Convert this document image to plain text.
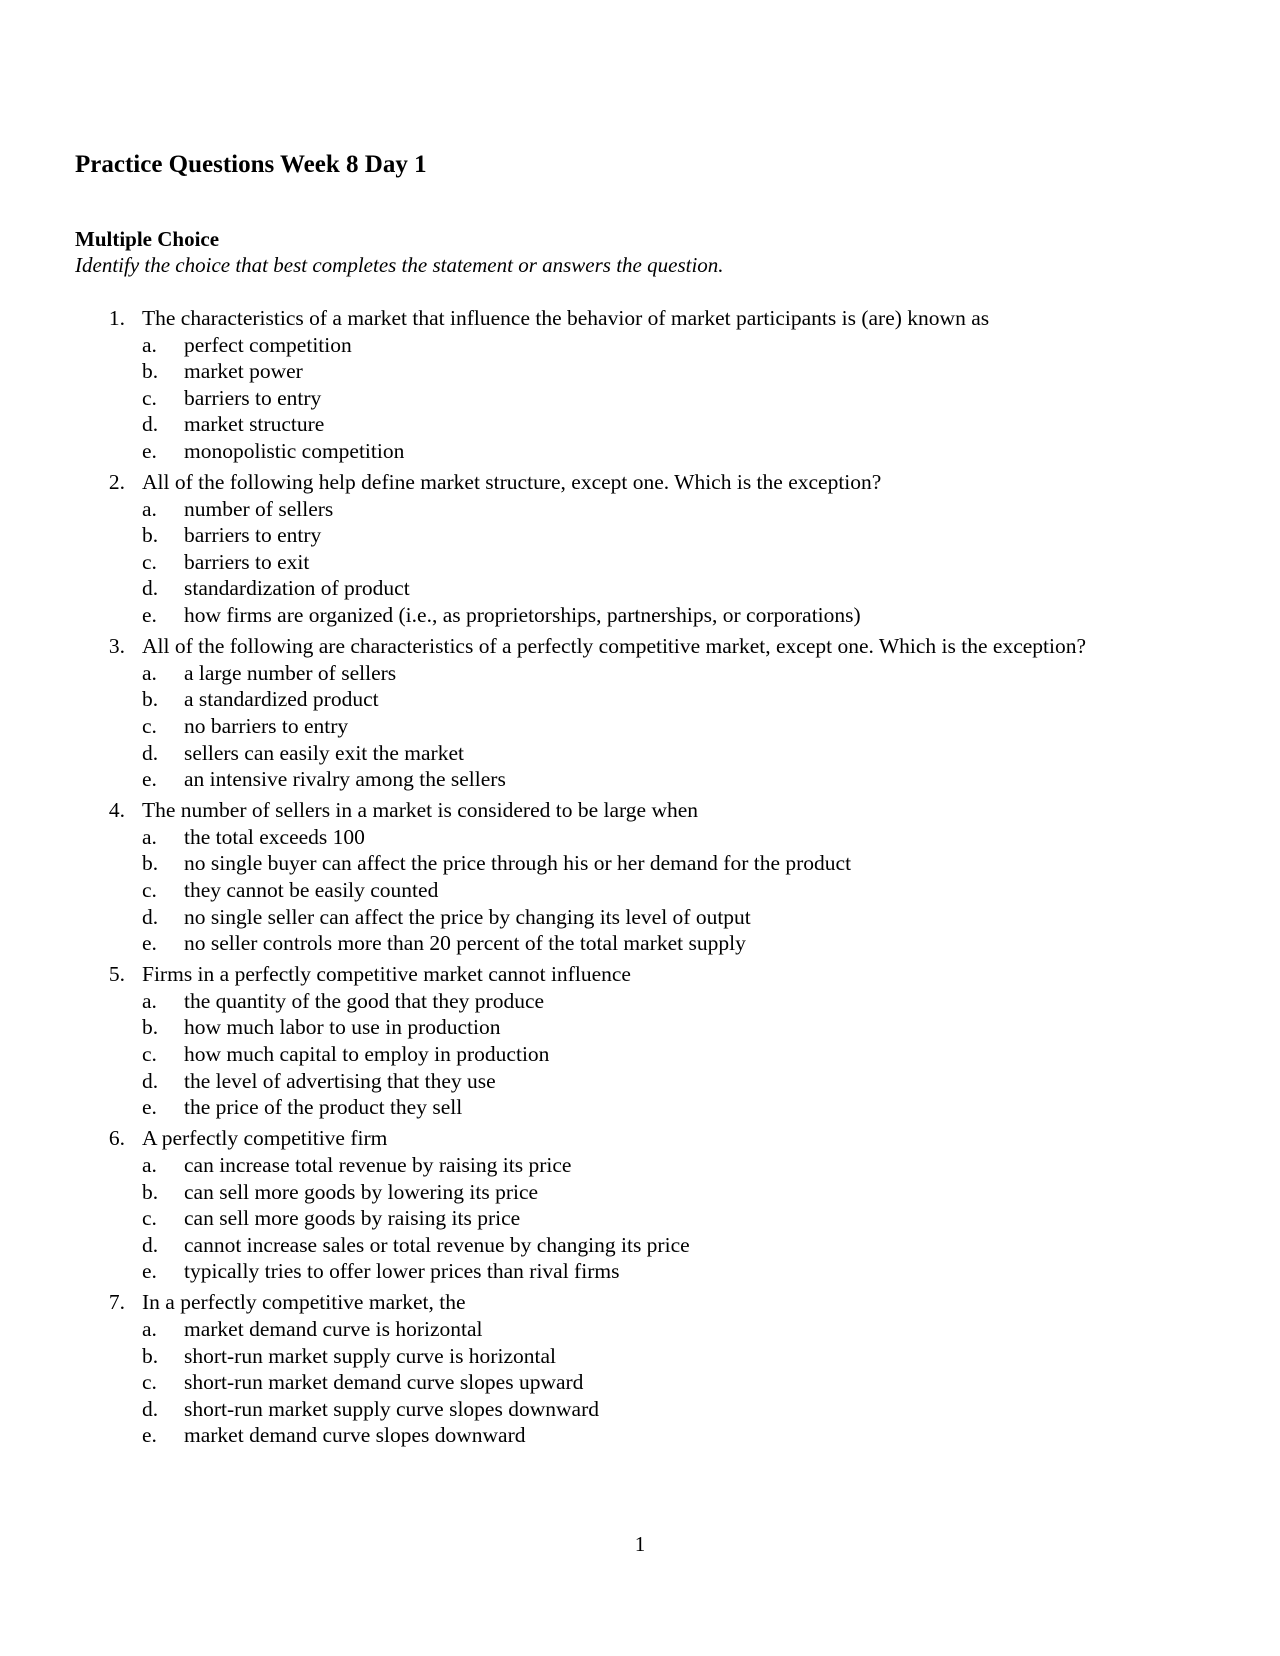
Practice Questions Week 8 Day 1
Multiple Choice
Identify the choice that best completes the statement or answers the question.
1. The characteristics of a market that influence the behavior of market participants is (are) known as
a. perfect competition
b. market power
c. barriers to entry
d. market structure
e. monopolistic competition
2. All of the following help define market structure, except one. Which is the exception?
a. number of sellers
b. barriers to entry
c. barriers to exit
d. standardization of product
e. how firms are organized (i.e., as proprietorships, partnerships, or corporations)
3. All of the following are characteristics of a perfectly competitive market, except one. Which is the exception?
a. a large number of sellers
b. a standardized product
c. no barriers to entry
d. sellers can easily exit the market
e. an intensive rivalry among the sellers
4. The number of sellers in a market is considered to be large when
a. the total exceeds 100
b. no single buyer can affect the price through his or her demand for the product
c. they cannot be easily counted
d. no single seller can affect the price by changing its level of output
e. no seller controls more than 20 percent of the total market supply
5. Firms in a perfectly competitive market cannot influence
a. the quantity of the good that they produce
b. how much labor to use in production
c. how much capital to employ in production
d. the level of advertising that they use
e. the price of the product they sell
6. A perfectly competitive firm
a. can increase total revenue by raising its price
b. can sell more goods by lowering its price
c. can sell more goods by raising its price
d. cannot increase sales or total revenue by changing its price
e. typically tries to offer lower prices than rival firms
7. In a perfectly competitive market, the
a. market demand curve is horizontal
b. short-run market supply curve is horizontal
c. short-run market demand curve slopes upward
d. short-run market supply curve slopes downward
e. market demand curve slopes downward
1
